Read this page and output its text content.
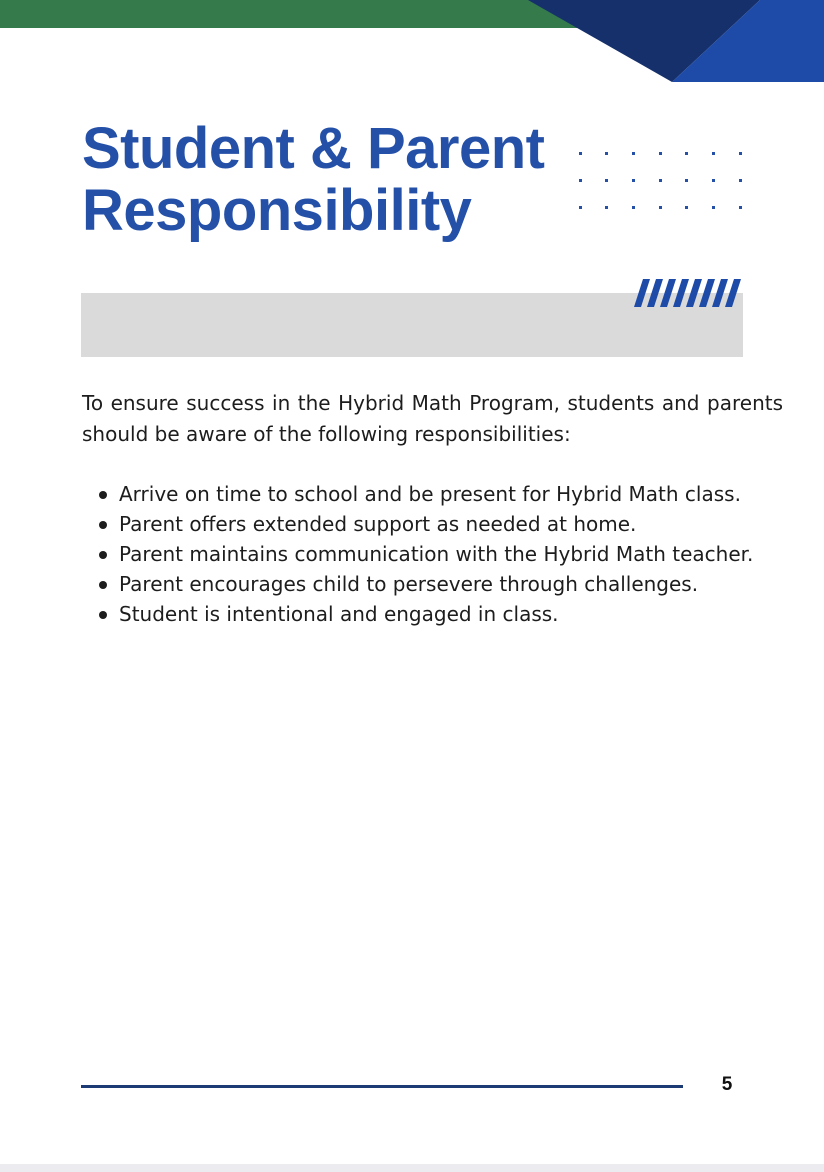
Student & Parent
Responsibility

To ensure success in the Hybrid Math Program, students and parents should be aware of the following responsibilities:

Arrive on time to school and be present for Hybrid Math class.
Parent offers extended support as needed at home.
Parent maintains communication with the Hybrid Math teacher.
Parent encourages child to persevere through challenges.
Student is intentional and engaged in class.
5
